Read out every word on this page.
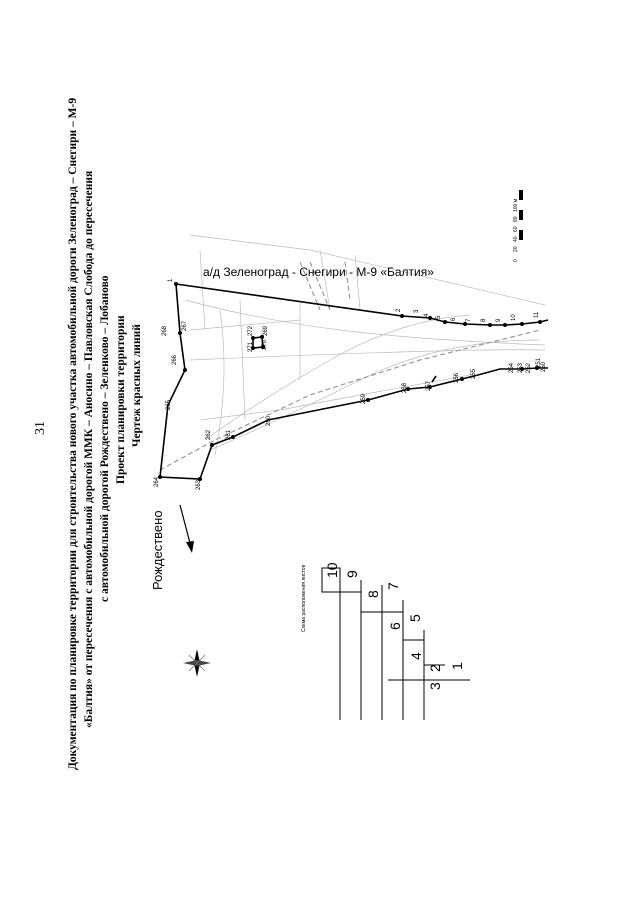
31 Документация по планировке территории для строительства нового участка автомобильной дороги Зеленоград – Снегири – М-9 «Балтия» от пересечения с автомобильной дорогой ММК – Аносино – Павловская Слобода до пересечения с автомобильной дорогой Рождествено – Зеленково – Лобаново Проект планировки территории Чертеж красных линий
а/д Зеленоград - Снегири - М-9 «Балтия»
Рождествено
1
2 3
4
5
6 7 8 9 10	11
250
251
252
253
254
255
256
257
258
259
260
261
262
263
264
265
266
267
268	269
270
271
272
0
20
40
60
80
100 м
Схема расположения листов
1
2
3
4
5
6
7
8
9
10
